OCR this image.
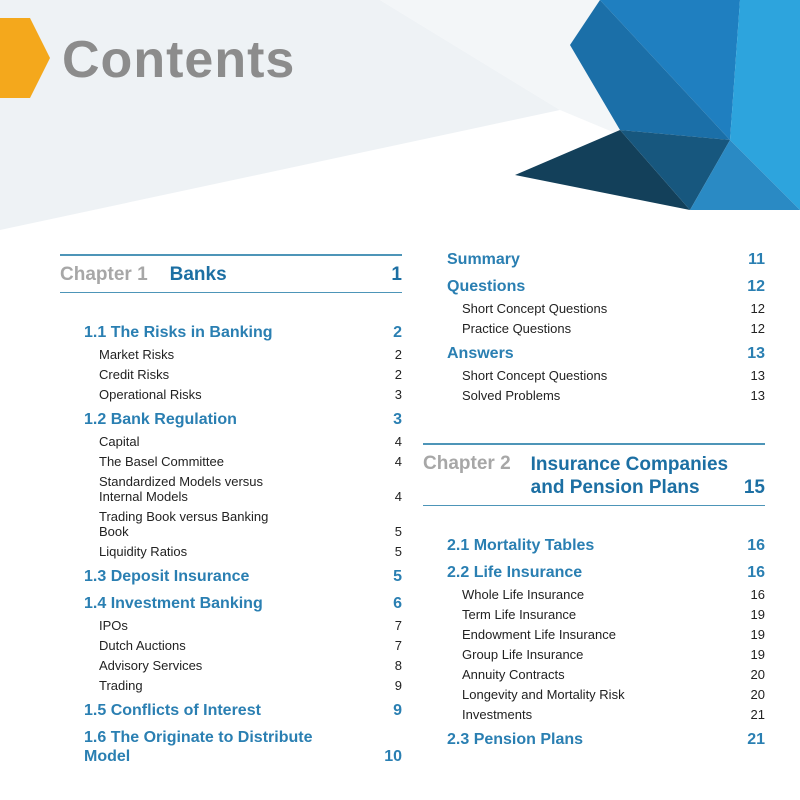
Contents
Chapter 1 Banks	1
1.1 The Risks in Banking	2
Market Risks	2
Credit Risks	2
Operational Risks	3
1.2 Bank Regulation	3
Capital	4
The Basel Committee	4
Standardized Models versus
Internal Models	4
Trading Book versus Banking
Book	5
Liquidity Ratios	5
1.3 Deposit Insurance	5
1.4 Investment Banking	6
IPOs	7
Dutch Auctions	7
Advisory Services	8
Trading	9
1.5 Conflicts of Interest	9
1.6 The Originate to Distribute
Model	10
Summary	11
Questions	12
Short Concept Questions	12
Practice Questions	12
Answers	13
Short Concept Questions	13
Solved Problems	13
Chapter 2 Insurance Companies
and Pension Plans	15
2.1 Mortality Tables	16
2.2 Life Insurance	16
Whole Life Insurance	16
Term Life Insurance	19
Endowment Life Insurance	19
Group Life Insurance	19
Annuity Contracts	20
Longevity and Mortality Risk	20
Investments	21
2.3 Pension Plans	21
